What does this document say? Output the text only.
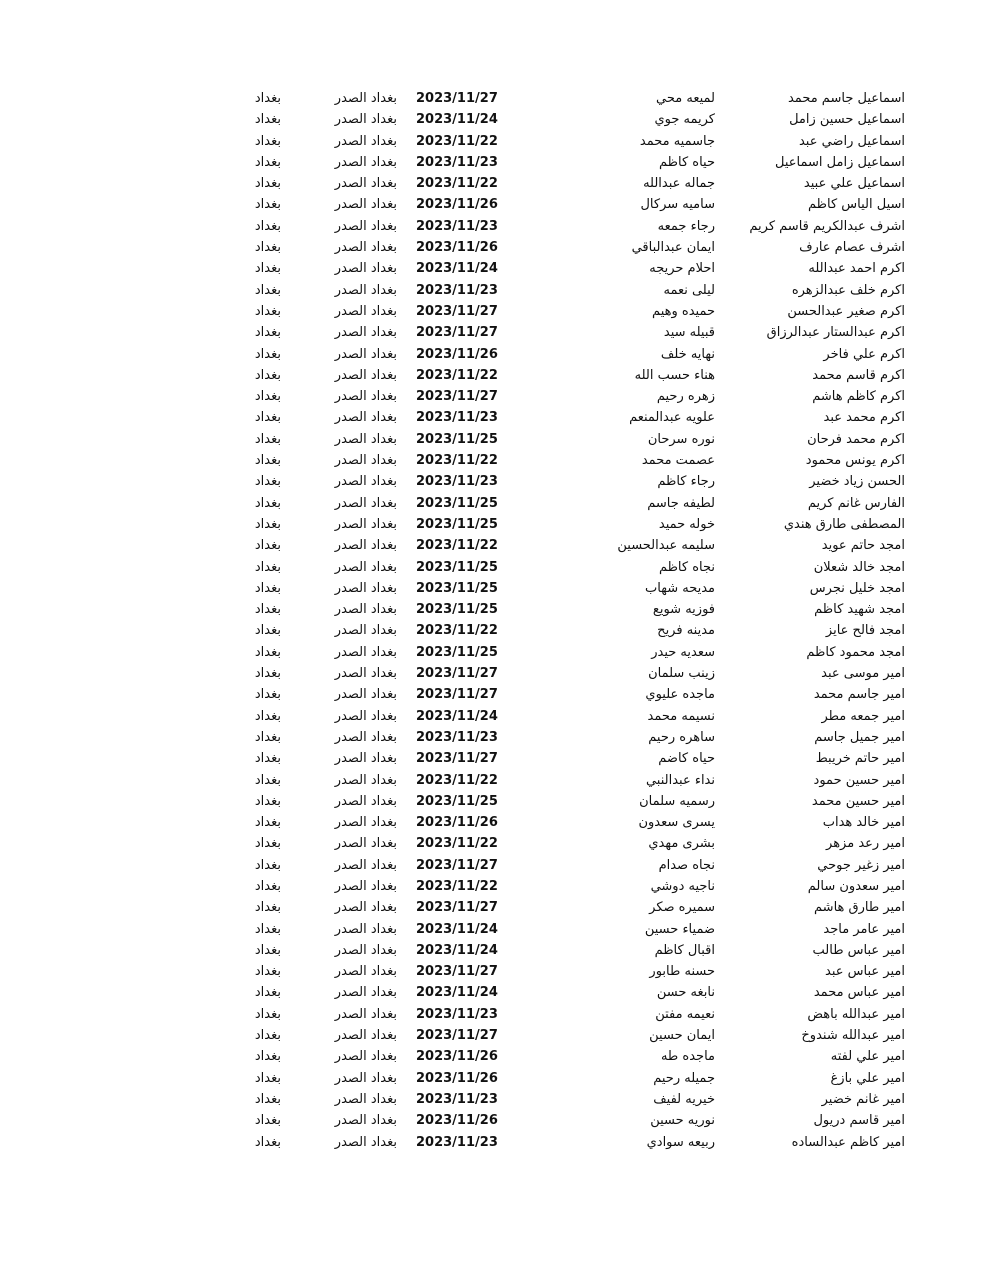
اسماعيل جاسم محمد
لميعه محي
2023/11/27
بغداد الصدر
بغداد
اسماعيل حسين زامل
كريمه جوي
2023/11/24
بغداد الصدر
بغداد
اسماعيل راضي عبد
جاسميه محمد
2023/11/22
بغداد الصدر
بغداد
اسماعيل زامل اسماعيل
حياه كاظم
2023/11/23
بغداد الصدر
بغداد
اسماعيل علي عبيد
جماله عبدالله
2023/11/22
بغداد الصدر
بغداد
اسيل الياس كاظم
ساميه سركال
2023/11/26
بغداد الصدر
بغداد
اشرف عبدالكريم قاسم كريم
رجاء جمعه
2023/11/23
بغداد الصدر
بغداد
اشرف عصام عارف
ايمان عبدالباقي
2023/11/26
بغداد الصدر
بغداد
اكرم احمد عبدالله
احلام حريجه
2023/11/24
بغداد الصدر
بغداد
اكرم خلف عبدالزهره
ليلى نعمه
2023/11/23
بغداد الصدر
بغداد
اكرم صغير عبدالحسن
حميده وهيم
2023/11/27
بغداد الصدر
بغداد
اكرم عبدالستار عبدالرزاق
قبيله سيد
2023/11/27
بغداد الصدر
بغداد
اكرم علي فاخر
نهايه خلف
2023/11/26
بغداد الصدر
بغداد
اكرم قاسم محمد
هناء حسب الله
2023/11/22
بغداد الصدر
بغداد
اكرم كاظم هاشم
زهره رحيم
2023/11/27
بغداد الصدر
بغداد
اكرم محمد عبد
علويه عبدالمنعم
2023/11/23
بغداد الصدر
بغداد
اكرم محمد فرحان
نوره سرحان
2023/11/25
بغداد الصدر
بغداد
اكرم يونس محمود
عصمت محمد
2023/11/22
بغداد الصدر
بغداد
الحسن زياد خضير
رجاء كاظم
2023/11/23
بغداد الصدر
بغداد
الفارس غانم كريم
لطيفه جاسم
2023/11/25
بغداد الصدر
بغداد
المصطفى طارق هندي
خوله حميد
2023/11/25
بغداد الصدر
بغداد
امجد حاتم عويد
سليمه عبدالحسين
2023/11/22
بغداد الصدر
بغداد
امجد خالد شعلان
نجاه كاظم
2023/11/25
بغداد الصدر
بغداد
امجد خليل نجرس
مديحه شهاب
2023/11/25
بغداد الصدر
بغداد
امجد شهيد كاظم
فوزيه شويع
2023/11/25
بغداد الصدر
بغداد
امجد فالح عايز
مدينه فريح
2023/11/22
بغداد الصدر
بغداد
امجد محمود كاظم
سعديه حيدر
2023/11/25
بغداد الصدر
بغداد
امير موسى عبد
زينب سلمان
2023/11/27
بغداد الصدر
بغداد
امير جاسم محمد
ماجده عليوي
2023/11/27
بغداد الصدر
بغداد
امير جمعه مطر
نسيمه محمد
2023/11/24
بغداد الصدر
بغداد
امير جميل جاسم
ساهره رحيم
2023/11/23
بغداد الصدر
بغداد
امير حاتم خريبط
حياه كاضم
2023/11/27
بغداد الصدر
بغداد
امير حسين حمود
نداء عبدالنبي
2023/11/22
بغداد الصدر
بغداد
امير حسين محمد
رسميه سلمان
2023/11/25
بغداد الصدر
بغداد
امير خالد هداب
يسرى سعدون
2023/11/26
بغداد الصدر
بغداد
امير رعد مزهر
بشرى مهدي
2023/11/22
بغداد الصدر
بغداد
امير زغير جوحي
نجاه صدام
2023/11/27
بغداد الصدر
بغداد
امير سعدون سالم
ناجيه دوشي
2023/11/22
بغداد الصدر
بغداد
امير طارق هاشم
سميره صكر
2023/11/27
بغداد الصدر
بغداد
امير عامر ماجد
ضمياء حسين
2023/11/24
بغداد الصدر
بغداد
امير عباس طالب
اقبال كاظم
2023/11/24
بغداد الصدر
بغداد
امير عباس عبد
حسنه طابور
2023/11/27
بغداد الصدر
بغداد
امير عباس محمد
نابغه حسن
2023/11/24
بغداد الصدر
بغداد
امير عبدالله باهض
نعيمه مفتن
2023/11/23
بغداد الصدر
بغداد
امير عبدالله شندوخ
ايمان حسين
2023/11/27
بغداد الصدر
بغداد
امير علي لفته
ماجده طه
2023/11/26
بغداد الصدر
بغداد
امير علي بازغ
جميله رحيم
2023/11/26
بغداد الصدر
بغداد
امير غانم خضير
خيريه لفيف
2023/11/23
بغداد الصدر
بغداد
امير قاسم دريول
نوريه حسين
2023/11/26
بغداد الصدر
بغداد
امير كاظم عبدالساده
ربيعه سوادي
2023/11/23
بغداد الصدر
بغداد
